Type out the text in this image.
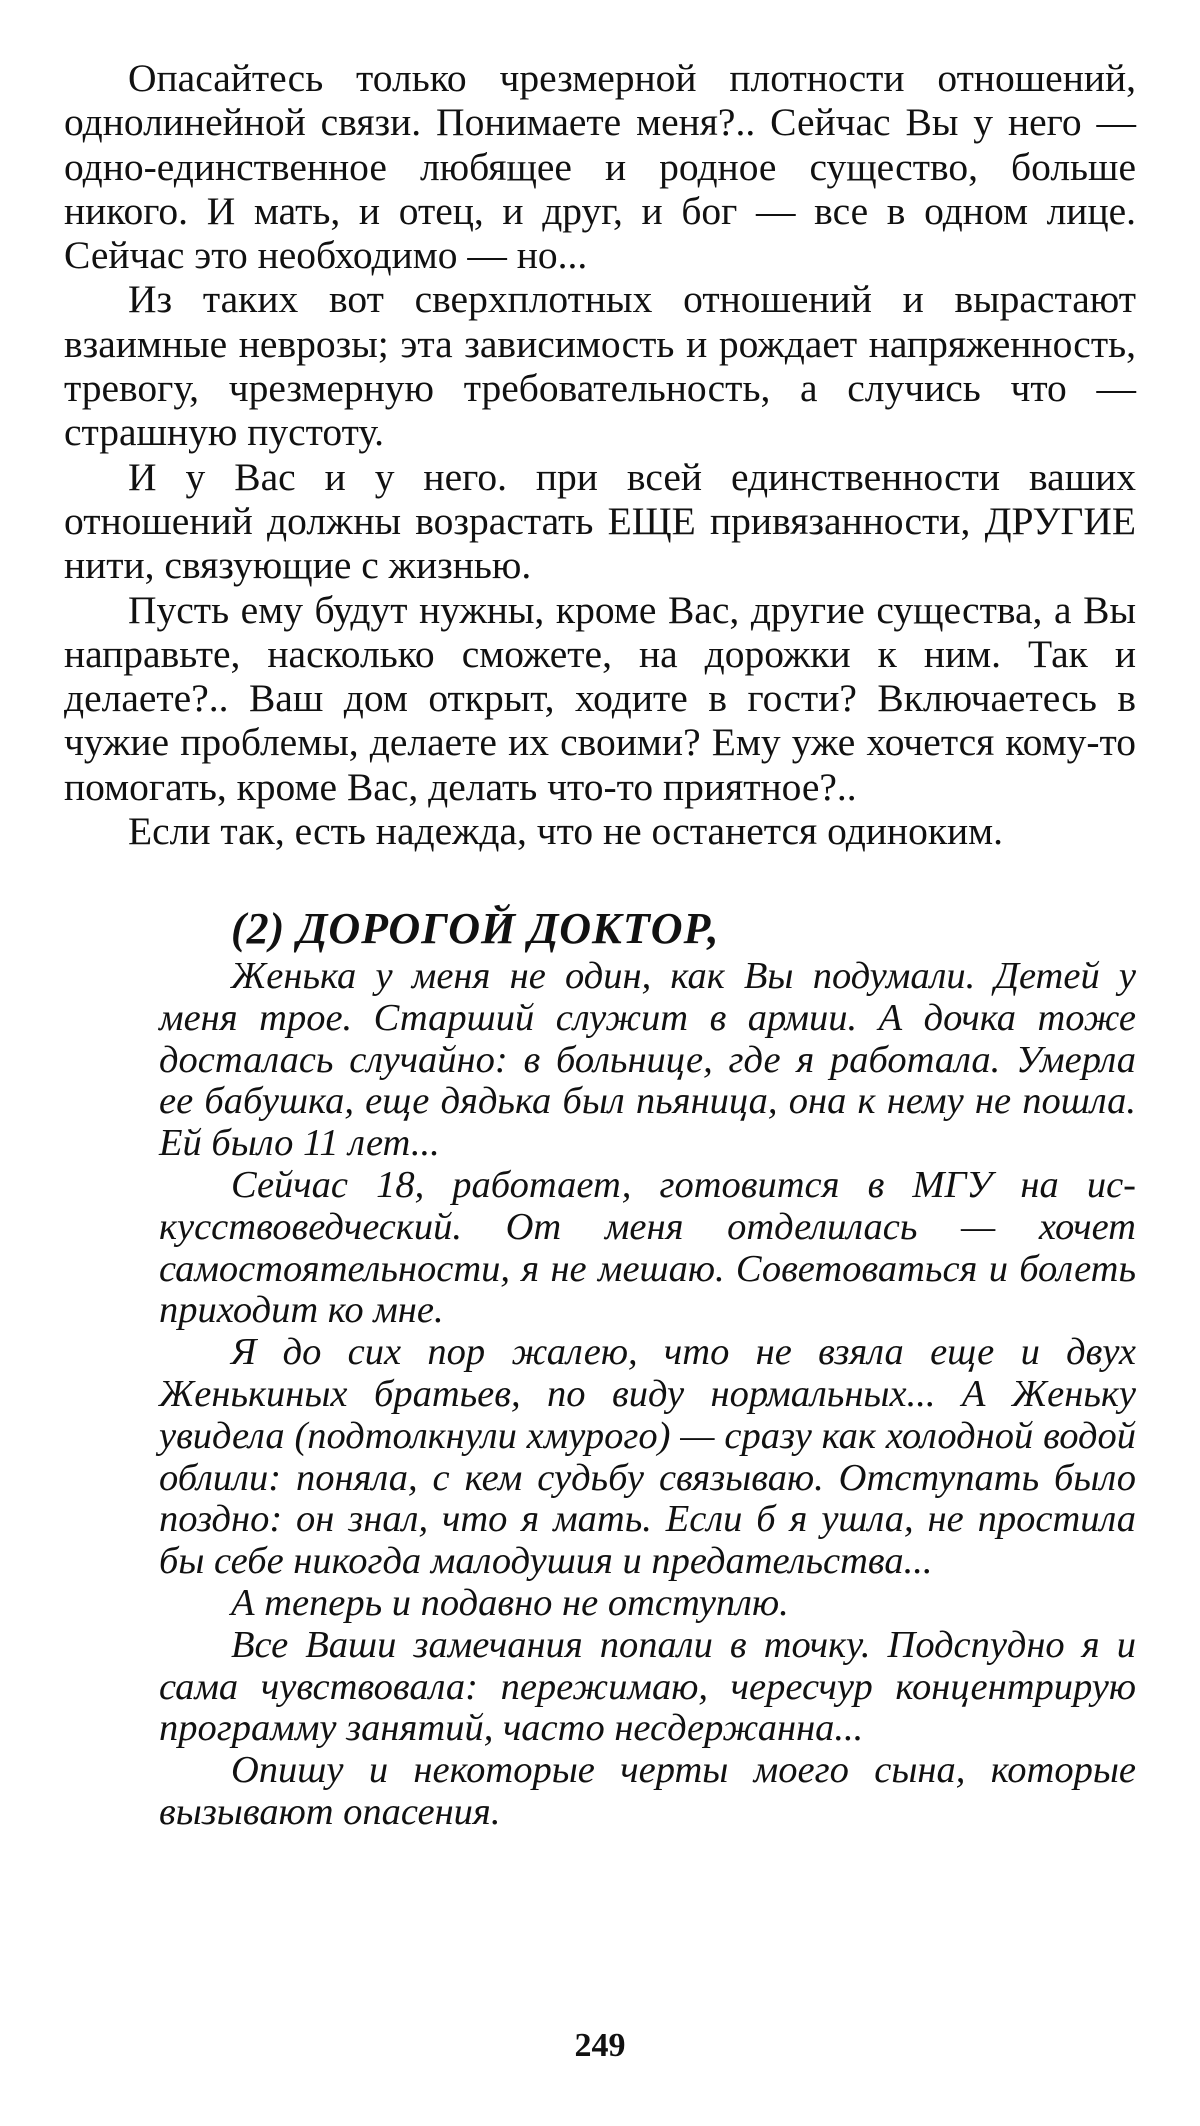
Опасайтесь только чрезмерной плотности отношений, однолинейной связи. Понимаете меня?.. Сейчас Вы у него — одно-единственное любящее и родное существо, больше никого. И мать, и отец, и друг, и бог — все в одном лице. Сейчас это необходимо — но...

Из таких вот сверхплотных отношений и вырастают взаимные неврозы; эта зависимость и рождает напряженность, тревогу, чрезмерную требовательность, а случись что — страшную пустоту.

И у Вас и у него. при всей единственности ваших отношений должны возрастать ЕЩЕ привязанности, ДРУГИЕ нити, связующие с жизнью.

Пусть ему будут нужны, кроме Вас, другие существа, а Вы направьте, насколько сможете, на дорожки к ним. Так и делаете?.. Ваш дом открыт, ходите в гости? Включаетесь в чужие проблемы, делаете их своими? Ему уже хочется кому-то помогать, кроме Вас, делать что-то приятное?..

Если так, есть надежда, что не останется одиноким.

(2) ДОРОГОЙ ДОКТОР,

Женька у меня не один, как Вы подумали. Детей у меня трое. Старший служит в армии. А дочка тоже досталась случайно: в больнице, где я работала. Умерла ее бабушка, еще дядька был пьяница, она к нему не пошла. Ей было 11 лет...

Сейчас 18, работает, готовится в МГУ на искусствоведческий. От меня отделилась — хочет самостоятельности, я не мешаю. Советоваться и болеть приходит ко мне.

Я до сих пор жалею, что не взяла еще и двух Женькиных братьев, по виду нормальных... А Женьку увидела (подтолкнули хмурого) — сразу как холодной водой облили: поняла, с кем судьбу связываю. Отступать было поздно: он знал, что я мать. Если б я ушла, не простила бы себе никогда малодушия и предательства...

А теперь и подавно не отступлю.

Все Ваши замечания попали в точку. Подспудно я и сама чувствовала: пережимаю, чересчур концентрирую программу занятий, часто несдержанна...

Опишу и некоторые черты моего сына, которые вызывают опасения.

249
